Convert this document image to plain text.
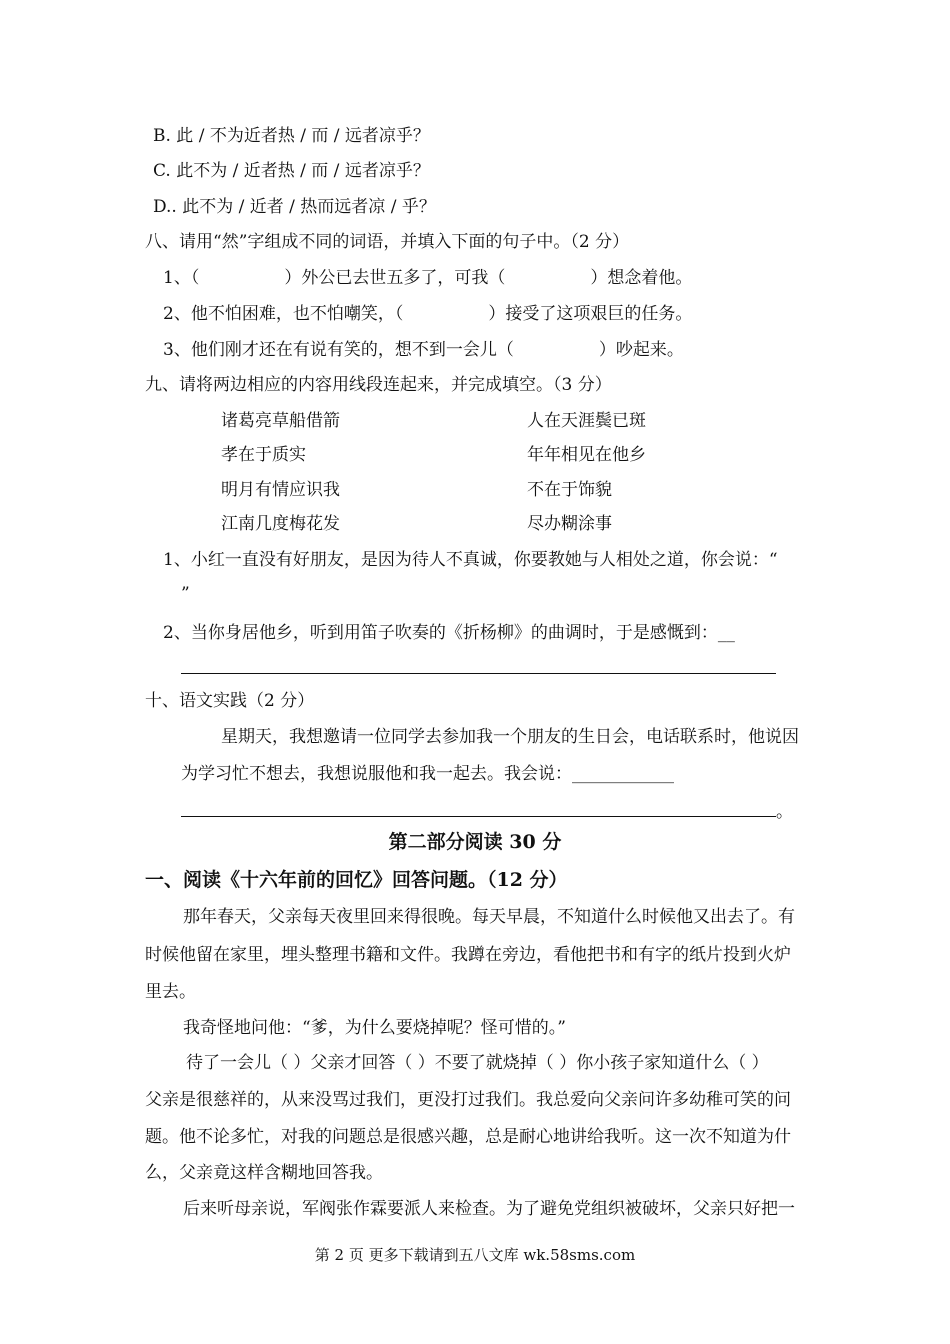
B. 此 / 不为近者热 / 而 / 远者凉乎？
C. 此不为 / 近者热 / 而 / 远者凉乎？
D.. 此不为 / 近者 / 热而远者凉 / 乎？
八、请用“然”字组成不同的词语，并填入下面的句子中。（2 分）
1、（　　　　　）外公已去世五多了，可我（　　　　　）想念着他。
2、他不怕困难，也不怕嘲笑，（　　　　　）接受了这项艰巨的任务。
3、他们刚才还在有说有笑的，想不到一会儿（　　　　　）吵起来。
九、请将两边相应的内容用线段连起来，并完成填空。（3 分）
诸葛亮草船借箭
孝在于质实
明月有情应识我
江南几度梅花发
人在天涯鬓已斑
年年相见在他乡
不在于饰貌
尽办糊涂事
1、小红一直没有好朋友，是因为待人不真诚，你要教她与人相处之道，你会说：“
”
2、当你身居他乡，听到用笛子吹奏的《折杨柳》的曲调时，于是感慨到：__
十、语文实践（2 分）
星期天，我想邀请一位同学去参加我一个朋友的生日会，电话联系时，他说因
为学习忙不想去，我想说服他和我一起去。我会说：____________
。
第二部分阅读 30 分
一、阅读《十六年前的回忆》回答问题。（12 分）
那年春天，父亲每天夜里回来得很晚。每天早晨，不知道什么时候他又出去了。有
时候他留在家里，埋头整理书籍和文件。我蹲在旁边，看他把书和有字的纸片投到火炉
里去。
我奇怪地问他：“爹，为什么要烧掉呢？怪可惜的。”
待了一会儿（ ）父亲才回答（ ）不要了就烧掉（ ）你小孩子家知道什么（ ）
父亲是很慈祥的，从来没骂过我们，更没打过我们。我总爱向父亲问许多幼稚可笑的问
题。他不论多忙，对我的问题总是很感兴趣，总是耐心地讲给我听。这一次不知道为什
么，父亲竟这样含糊地回答我。
后来听母亲说，军阀张作霖要派人来检查。为了避免党组织被破坏，父亲只好把一
第 2 页 更多下载请到五八文库 wk.58sms.com
